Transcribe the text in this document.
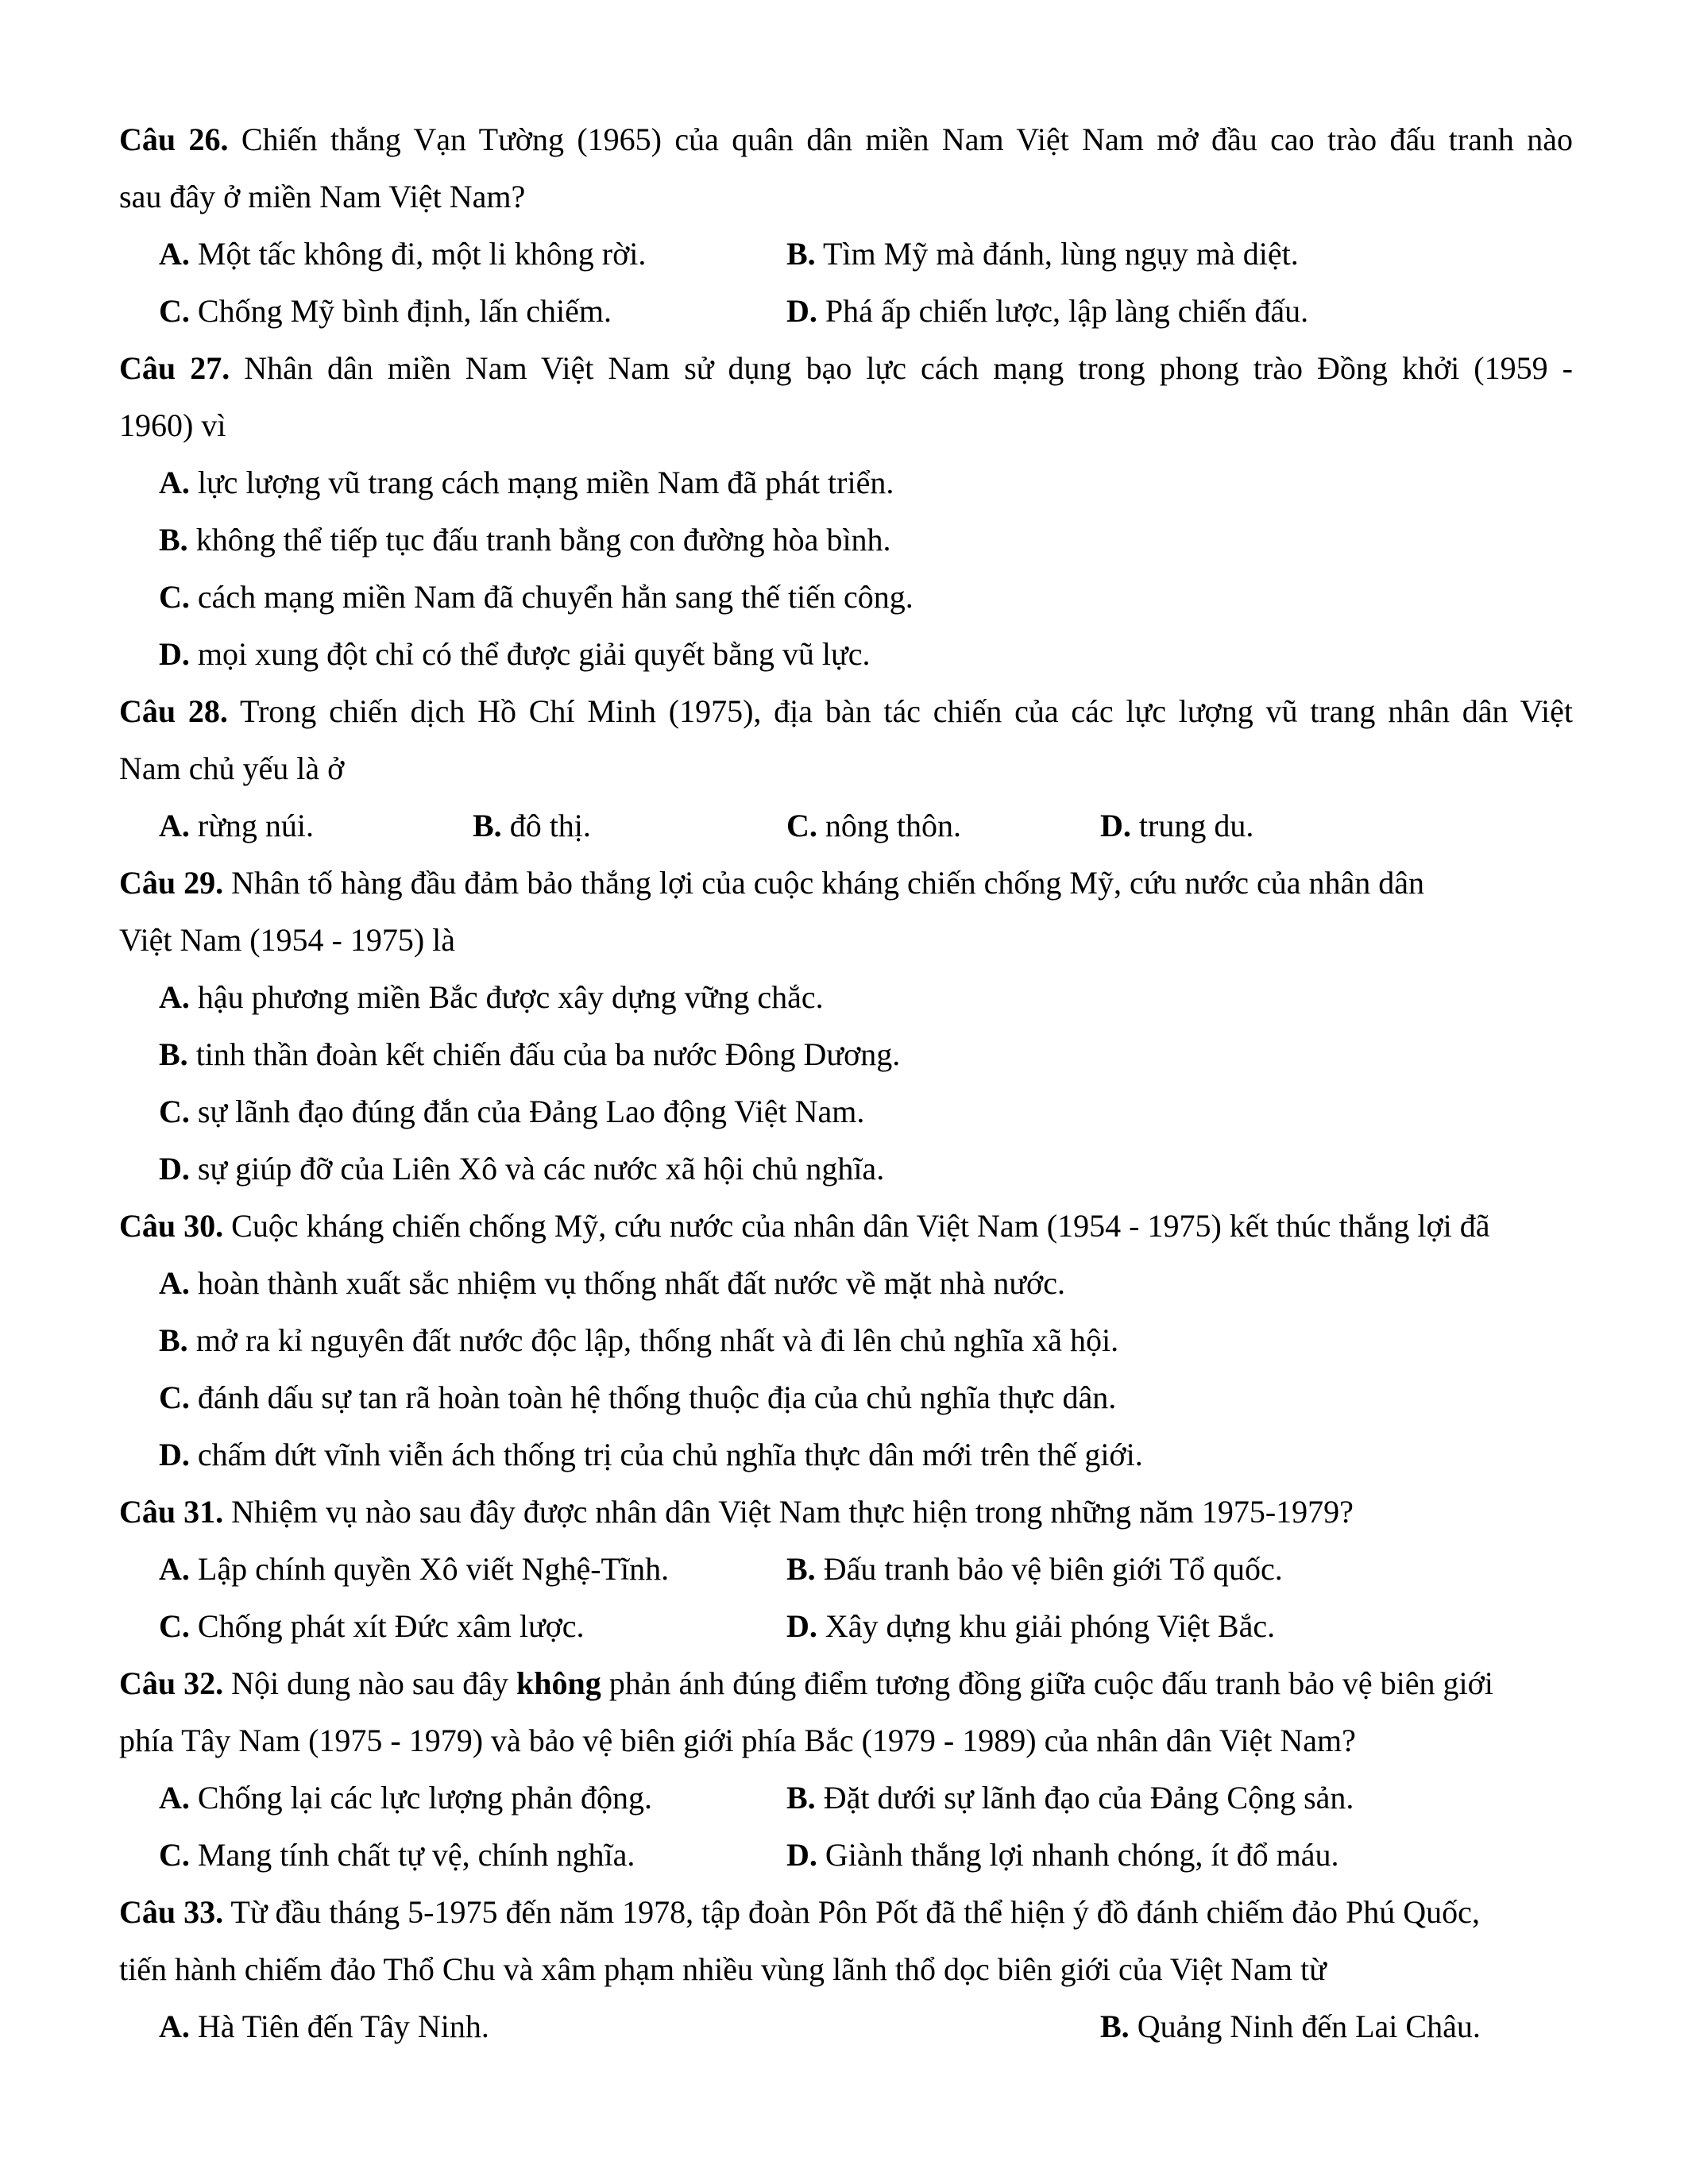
Câu 26. Chiến thắng Vạn Tường (1965) của quân dân miền Nam Việt Nam mở đầu cao trào đấu tranh nào
sau đây ở miền Nam Việt Nam?
A. Một tấc không đi, một li không rời.	B. Tìm Mỹ mà đánh, lùng ngụy mà diệt.
C. Chống Mỹ bình định, lấn chiếm.	D. Phá ấp chiến lược, lập làng chiến đấu.
Câu 27. Nhân dân miền Nam Việt Nam sử dụng bạo lực cách mạng trong phong trào Đồng khởi (1959 -
1960) vì
A. lực lượng vũ trang cách mạng miền Nam đã phát triển.
B. không thể tiếp tục đấu tranh bằng con đường hòa bình.
C. cách mạng miền Nam đã chuyển hẳn sang thế tiến công.
D. mọi xung đột chỉ có thể được giải quyết bằng vũ lực.
Câu 28. Trong chiến dịch Hồ Chí Minh (1975), địa bàn tác chiến của các lực lượng vũ trang nhân dân Việt
Nam chủ yếu là ở
A. rừng núi.	B. đô thị.	C. nông thôn.	D. trung du.
Câu 29. Nhân tố hàng đầu đảm bảo thắng lợi của cuộc kháng chiến chống Mỹ, cứu nước của nhân dân
Việt Nam (1954 - 1975) là
A. hậu phương miền Bắc được xây dựng vững chắc.
B. tinh thần đoàn kết chiến đấu của ba nước Đông Dương.
C. sự lãnh đạo đúng đắn của Đảng Lao động Việt Nam.
D. sự giúp đỡ của Liên Xô và các nước xã hội chủ nghĩa.
Câu 30. Cuộc kháng chiến chống Mỹ, cứu nước của nhân dân Việt Nam (1954 - 1975) kết thúc thắng lợi đã
A. hoàn thành xuất sắc nhiệm vụ thống nhất đất nước về mặt nhà nước.
B. mở ra kỉ nguyên đất nước độc lập, thống nhất và đi lên chủ nghĩa xã hội.
C. đánh dấu sự tan rã hoàn toàn hệ thống thuộc địa của chủ nghĩa thực dân.
D. chấm dứt vĩnh viễn ách thống trị của chủ nghĩa thực dân mới trên thế giới.
Câu 31. Nhiệm vụ nào sau đây được nhân dân Việt Nam thực hiện trong những năm 1975-1979?
A. Lập chính quyền Xô viết Nghệ-Tĩnh.	B. Đấu tranh bảo vệ biên giới Tổ quốc.
C. Chống phát xít Đức xâm lược.	D. Xây dựng khu giải phóng Việt Bắc.
Câu 32. Nội dung nào sau đây không phản ánh đúng điểm tương đồng giữa cuộc đấu tranh bảo vệ biên giới
phía Tây Nam (1975 - 1979) và bảo vệ biên giới phía Bắc (1979 - 1989) của nhân dân Việt Nam?
A. Chống lại các lực lượng phản động.	B. Đặt dưới sự lãnh đạo của Đảng Cộng sản.
C. Mang tính chất tự vệ, chính nghĩa.	D. Giành thắng lợi nhanh chóng, ít đổ máu.
Câu 33. Từ đầu tháng 5-1975 đến năm 1978, tập đoàn Pôn Pốt đã thể hiện ý đồ đánh chiếm đảo Phú Quốc,
tiến hành chiếm đảo Thổ Chu và xâm phạm nhiều vùng lãnh thổ dọc biên giới của Việt Nam từ
A. Hà Tiên đến Tây Ninh.	B. Quảng Ninh đến Lai Châu.
